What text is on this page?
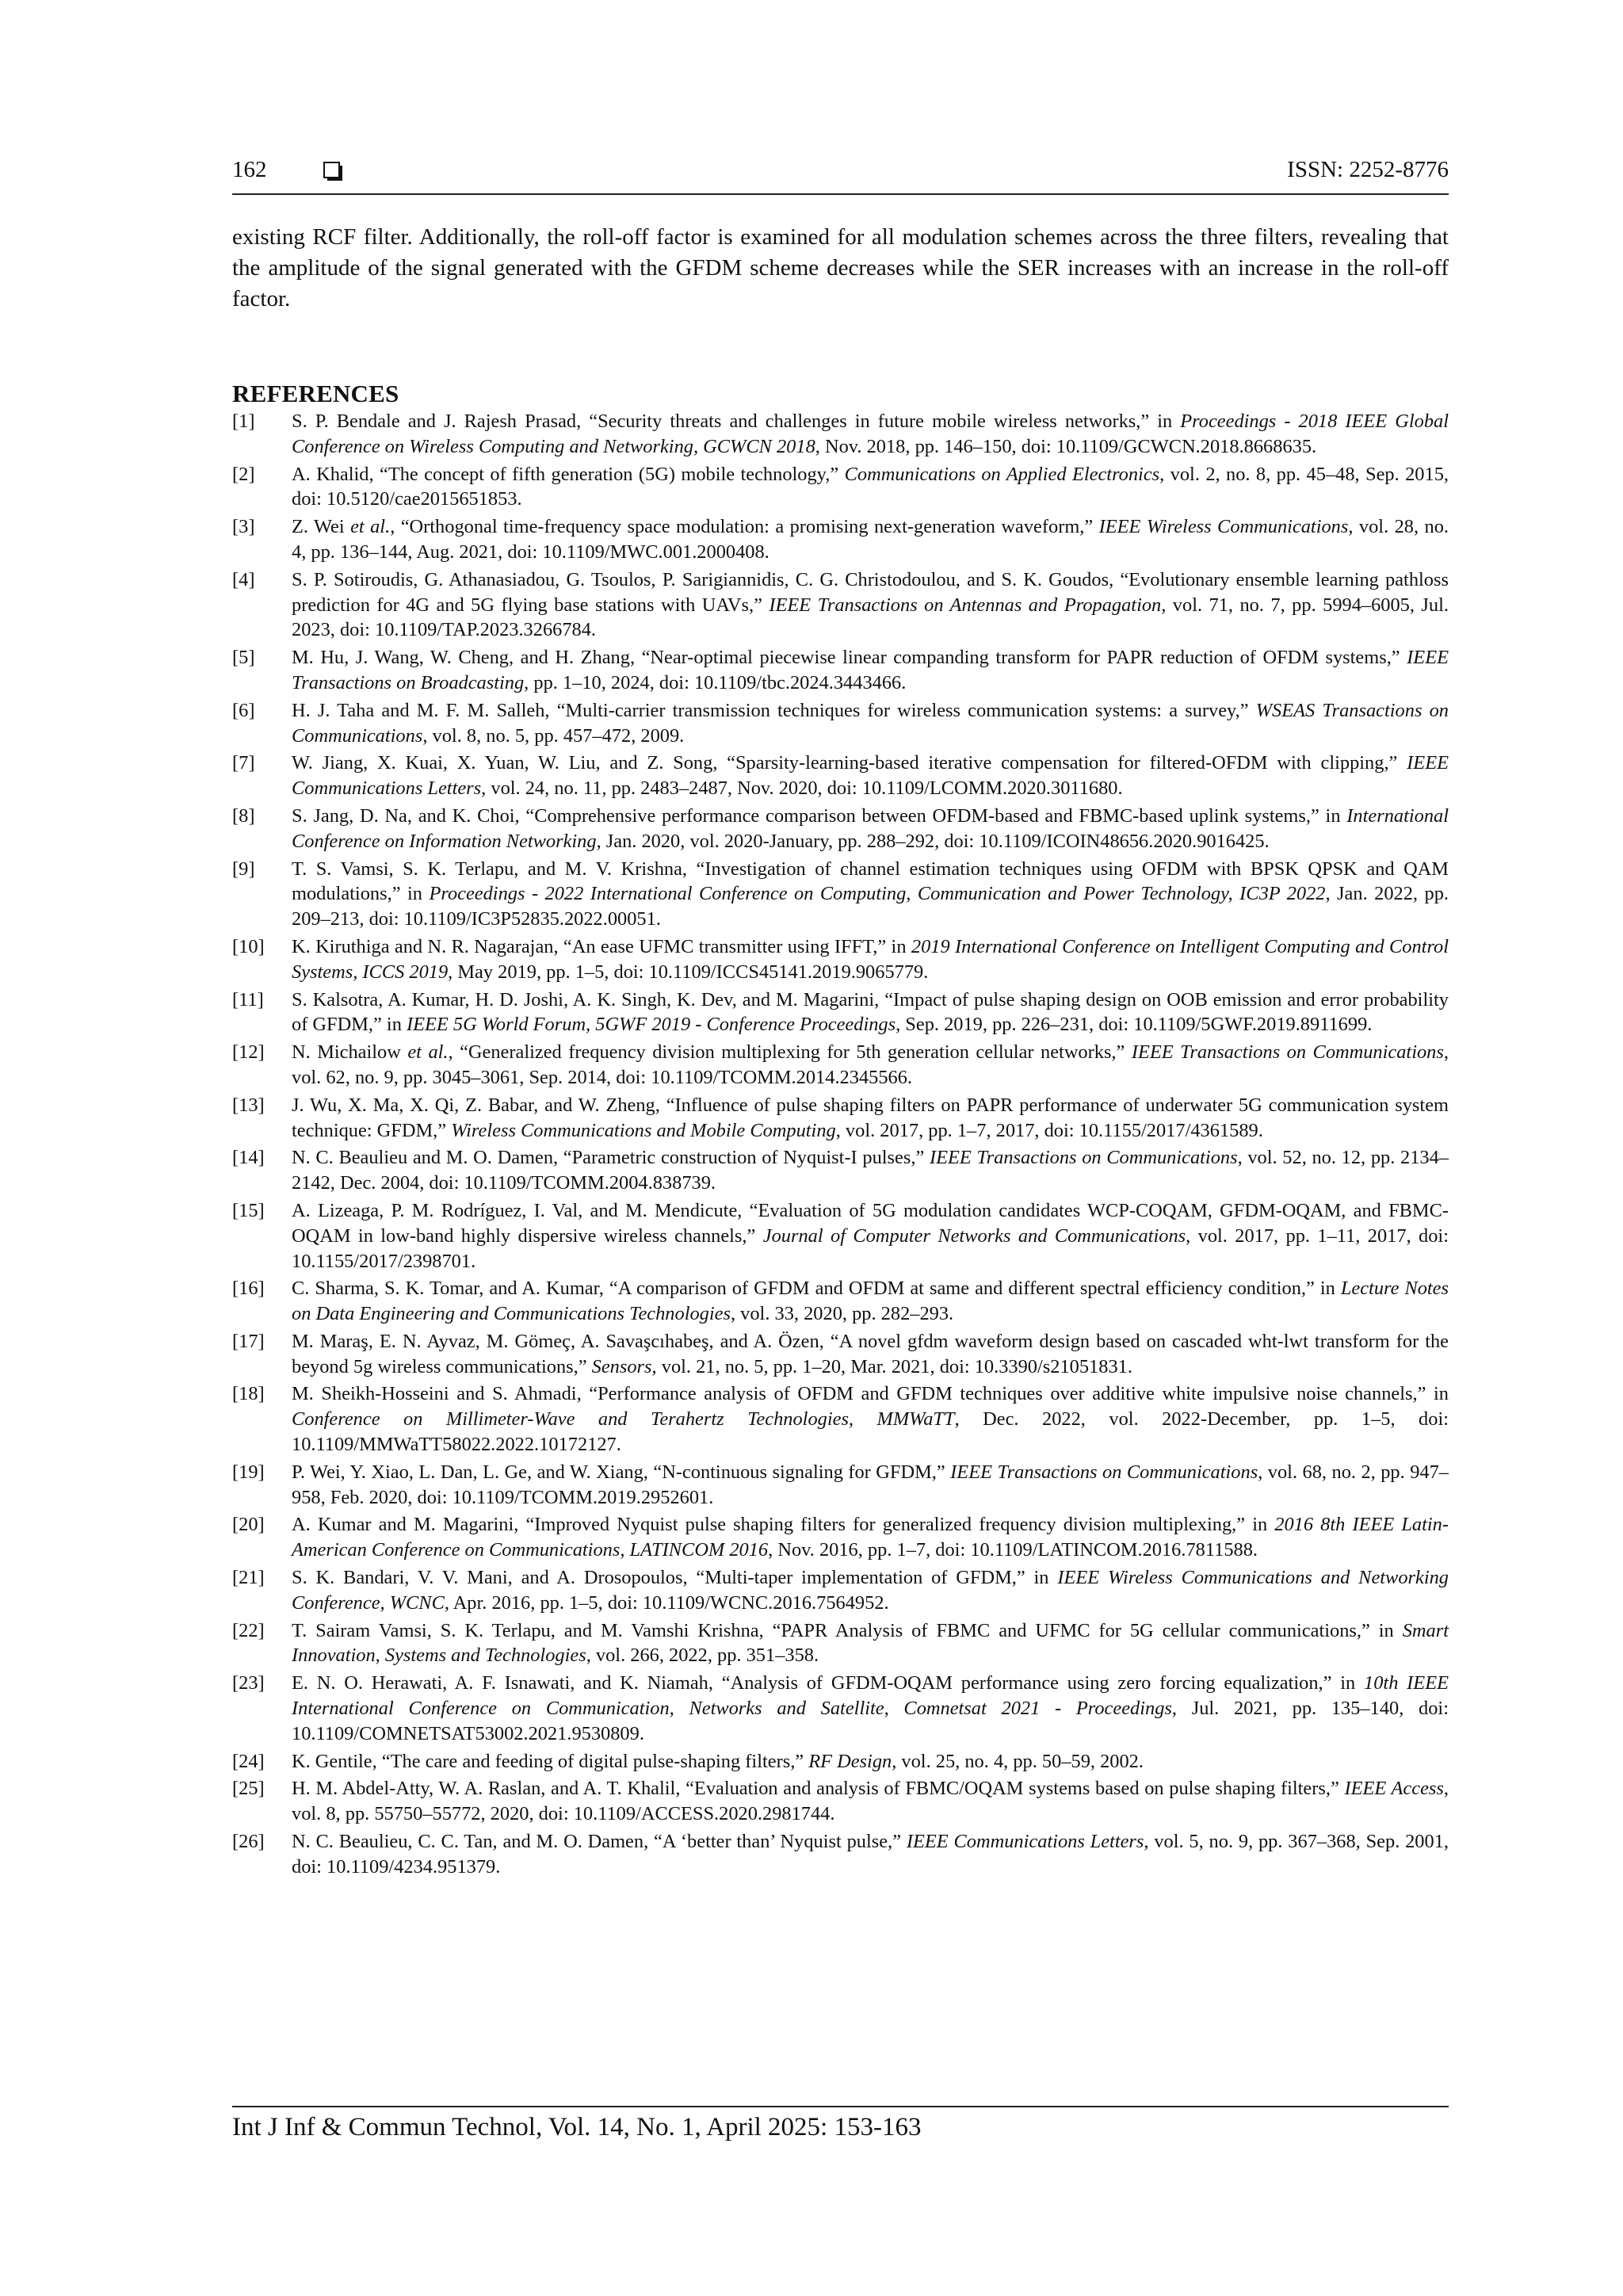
162	ISSN: 2252-8776

existing RCF filter. Additionally, the roll-off factor is examined for all modulation schemes across the three filters, revealing that the amplitude of the signal generated with the GFDM scheme decreases while the SER increases with an increase in the roll-off factor.

REFERENCES
[1]	S. P. Bendale and J. Rajesh Prasad, “Security threats and challenges in future mobile wireless networks,” in Proceedings - 2018 IEEE Global Conference on Wireless Computing and Networking, GCWCN 2018, Nov. 2018, pp. 146–150, doi: 10.1109/GCWCN.2018.8668635.
[2]	A. Khalid, “The concept of fifth generation (5G) mobile technology,” Communications on Applied Electronics, vol. 2, no. 8, pp. 45–48, Sep. 2015, doi: 10.5120/cae2015651853.
[3]	Z. Wei et al., “Orthogonal time-frequency space modulation: a promising next-generation waveform,” IEEE Wireless Communications, vol. 28, no. 4, pp. 136–144, Aug. 2021, doi: 10.1109/MWC.001.2000408.
[4]	S. P. Sotiroudis, G. Athanasiadou, G. Tsoulos, P. Sarigiannidis, C. G. Christodoulou, and S. K. Goudos, “Evolutionary ensemble learning pathloss prediction for 4G and 5G flying base stations with UAVs,” IEEE Transactions on Antennas and Propagation, vol. 71, no. 7, pp. 5994–6005, Jul. 2023, doi: 10.1109/TAP.2023.3266784.
[5]	M. Hu, J. Wang, W. Cheng, and H. Zhang, “Near-optimal piecewise linear companding transform for PAPR reduction of OFDM systems,” IEEE Transactions on Broadcasting, pp. 1–10, 2024, doi: 10.1109/tbc.2024.3443466.
[6]	H. J. Taha and M. F. M. Salleh, “Multi-carrier transmission techniques for wireless communication systems: a survey,” WSEAS Transactions on Communications, vol. 8, no. 5, pp. 457–472, 2009.
[7]	W. Jiang, X. Kuai, X. Yuan, W. Liu, and Z. Song, “Sparsity-learning-based iterative compensation for filtered-OFDM with clipping,” IEEE Communications Letters, vol. 24, no. 11, pp. 2483–2487, Nov. 2020, doi: 10.1109/LCOMM.2020.3011680.
[8]	S. Jang, D. Na, and K. Choi, “Comprehensive performance comparison between OFDM-based and FBMC-based uplink systems,” in International Conference on Information Networking, Jan. 2020, vol. 2020-January, pp. 288–292, doi: 10.1109/ICOIN48656.2020.9016425.
[9]	T. S. Vamsi, S. K. Terlapu, and M. V. Krishna, “Investigation of channel estimation techniques using OFDM with BPSK QPSK and QAM modulations,” in Proceedings - 2022 International Conference on Computing, Communication and Power Technology, IC3P 2022, Jan. 2022, pp. 209–213, doi: 10.1109/IC3P52835.2022.00051.
[10]	K. Kiruthiga and N. R. Nagarajan, “An ease UFMC transmitter using IFFT,” in 2019 International Conference on Intelligent Computing and Control Systems, ICCS 2019, May 2019, pp. 1–5, doi: 10.1109/ICCS45141.2019.9065779.
[11]	S. Kalsotra, A. Kumar, H. D. Joshi, A. K. Singh, K. Dev, and M. Magarini, “Impact of pulse shaping design on OOB emission and error probability of GFDM,” in IEEE 5G World Forum, 5GWF 2019 - Conference Proceedings, Sep. 2019, pp. 226–231, doi: 10.1109/5GWF.2019.8911699.
[12]	N. Michailow et al., “Generalized frequency division multiplexing for 5th generation cellular networks,” IEEE Transactions on Communications, vol. 62, no. 9, pp. 3045–3061, Sep. 2014, doi: 10.1109/TCOMM.2014.2345566.
[13]	J. Wu, X. Ma, X. Qi, Z. Babar, and W. Zheng, “Influence of pulse shaping filters on PAPR performance of underwater 5G communication system technique: GFDM,” Wireless Communications and Mobile Computing, vol. 2017, pp. 1–7, 2017, doi: 10.1155/2017/4361589.
[14]	N. C. Beaulieu and M. O. Damen, “Parametric construction of Nyquist-I pulses,” IEEE Transactions on Communications, vol. 52, no. 12, pp. 2134–2142, Dec. 2004, doi: 10.1109/TCOMM.2004.838739.
[15]	A. Lizeaga, P. M. Rodríguez, I. Val, and M. Mendicute, “Evaluation of 5G modulation candidates WCP-COQAM, GFDM-OQAM, and FBMC-OQAM in low-band highly dispersive wireless channels,” Journal of Computer Networks and Communications, vol. 2017, pp. 1–11, 2017, doi: 10.1155/2017/2398701.
[16]	C. Sharma, S. K. Tomar, and A. Kumar, “A comparison of GFDM and OFDM at same and different spectral efficiency condition,” in Lecture Notes on Data Engineering and Communications Technologies, vol. 33, 2020, pp. 282–293.
[17]	M. Maraş, E. N. Ayvaz, M. Gömeç, A. Savaşcıhabeş, and A. Özen, “A novel gfdm waveform design based on cascaded wht-lwt transform for the beyond 5g wireless communications,” Sensors, vol. 21, no. 5, pp. 1–20, Mar. 2021, doi: 10.3390/s21051831.
[18]	M. Sheikh-Hosseini and S. Ahmadi, “Performance analysis of OFDM and GFDM techniques over additive white impulsive noise channels,” in Conference on Millimeter-Wave and Terahertz Technologies, MMWaTT, Dec. 2022, vol. 2022-December, pp. 1–5, doi: 10.1109/MMWaTT58022.2022.10172127.
[19]	P. Wei, Y. Xiao, L. Dan, L. Ge, and W. Xiang, “N-continuous signaling for GFDM,” IEEE Transactions on Communications, vol. 68, no. 2, pp. 947–958, Feb. 2020, doi: 10.1109/TCOMM.2019.2952601.
[20]	A. Kumar and M. Magarini, “Improved Nyquist pulse shaping filters for generalized frequency division multiplexing,” in 2016 8th IEEE Latin-American Conference on Communications, LATINCOM 2016, Nov. 2016, pp. 1–7, doi: 10.1109/LATINCOM.2016.7811588.
[21]	S. K. Bandari, V. V. Mani, and A. Drosopoulos, “Multi-taper implementation of GFDM,” in IEEE Wireless Communications and Networking Conference, WCNC, Apr. 2016, pp. 1–5, doi: 10.1109/WCNC.2016.7564952.
[22]	T. Sairam Vamsi, S. K. Terlapu, and M. Vamshi Krishna, “PAPR Analysis of FBMC and UFMC for 5G cellular communications,” in Smart Innovation, Systems and Technologies, vol. 266, 2022, pp. 351–358.
[23]	E. N. O. Herawati, A. F. Isnawati, and K. Niamah, “Analysis of GFDM-OQAM performance using zero forcing equalization,” in 10th IEEE International Conference on Communication, Networks and Satellite, Comnetsat 2021 - Proceedings, Jul. 2021, pp. 135–140, doi: 10.1109/COMNETSAT53002.2021.9530809.
[24]	K. Gentile, “The care and feeding of digital pulse-shaping filters,” RF Design, vol. 25, no. 4, pp. 50–59, 2002.
[25]	H. M. Abdel-Atty, W. A. Raslan, and A. T. Khalil, “Evaluation and analysis of FBMC/OQAM systems based on pulse shaping filters,” IEEE Access, vol. 8, pp. 55750–55772, 2020, doi: 10.1109/ACCESS.2020.2981744.
[26]	N. C. Beaulieu, C. C. Tan, and M. O. Damen, “A ‘better than’ Nyquist pulse,” IEEE Communications Letters, vol. 5, no. 9, pp. 367–368, Sep. 2001, doi: 10.1109/4234.951379.
Int J Inf & Commun Technol, Vol. 14, No. 1, April 2025: 153-163
